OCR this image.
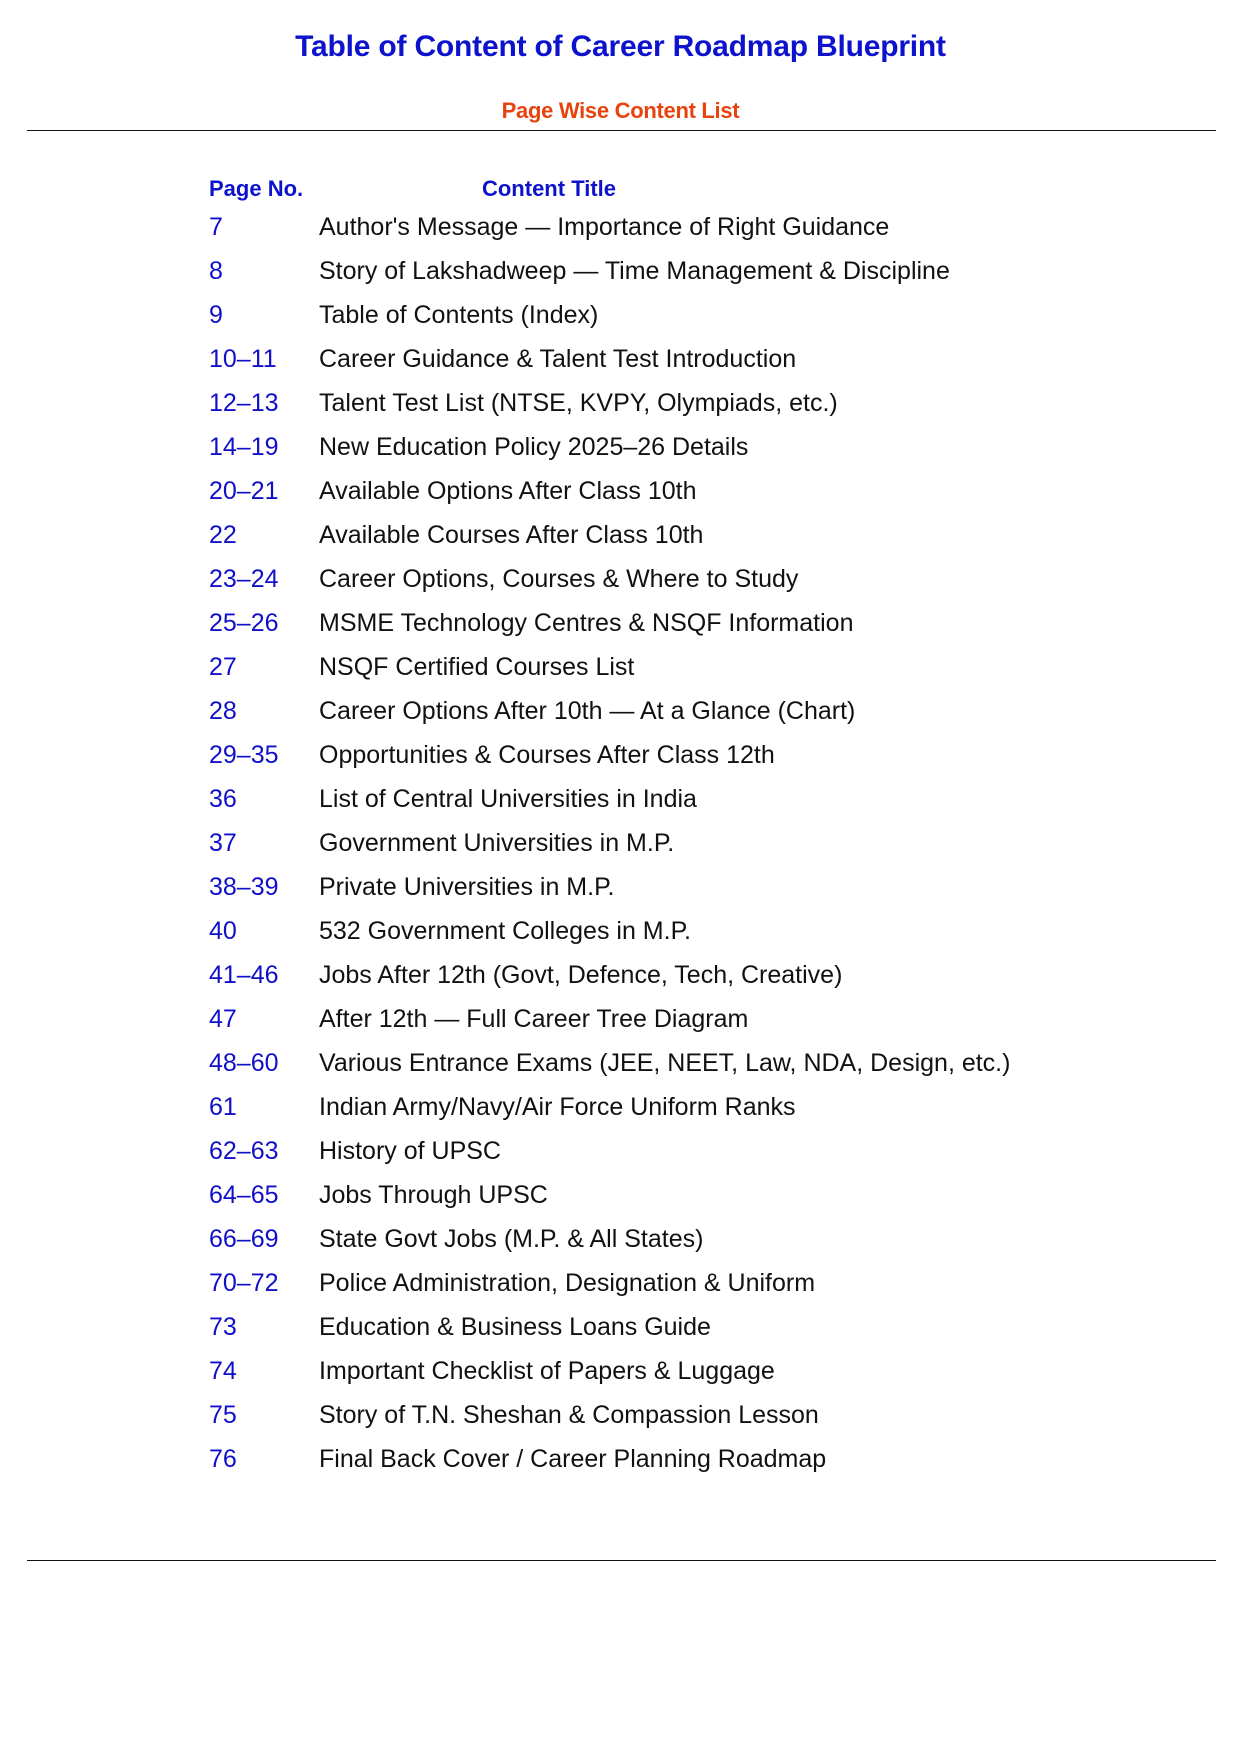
Table of Content of Career Roadmap Blueprint
Page Wise Content List
Page No.	Content Title
7	Author's Message — Importance of Right Guidance
8	Story of Lakshadweep — Time Management & Discipline
9	Table of Contents (Index)
10–11 Career Guidance & Talent Test Introduction
12–13 Talent Test List (NTSE, KVPY, Olympiads, etc.)
14–19 New Education Policy 2025–26 Details
20–21 Available Options After Class 10th
22	Available Courses After Class 10th
23–24 Career Options, Courses & Where to Study
25–26 MSME Technology Centres & NSQF Information
27	NSQF Certified Courses List
28	Career Options After 10th — At a Glance (Chart)
29–35 Opportunities & Courses After Class 12th
36	List of Central Universities in India
37	Government Universities in M.P.
38–39 Private Universities in M.P.
40	532 Government Colleges in M.P.
41–46 Jobs After 12th (Govt, Defence, Tech, Creative)
47	After 12th — Full Career Tree Diagram
48–60 Various Entrance Exams (JEE, NEET, Law, NDA, Design, etc.)
61	Indian Army/Navy/Air Force Uniform Ranks
62–63 History of UPSC
64–65 Jobs Through UPSC
66–69 State Govt Jobs (M.P. & All States)
70–72 Police Administration, Designation & Uniform
73	Education & Business Loans Guide
74	Important Checklist of Papers & Luggage
75	Story of T.N. Sheshan & Compassion Lesson
76	Final Back Cover / Career Planning Roadmap
